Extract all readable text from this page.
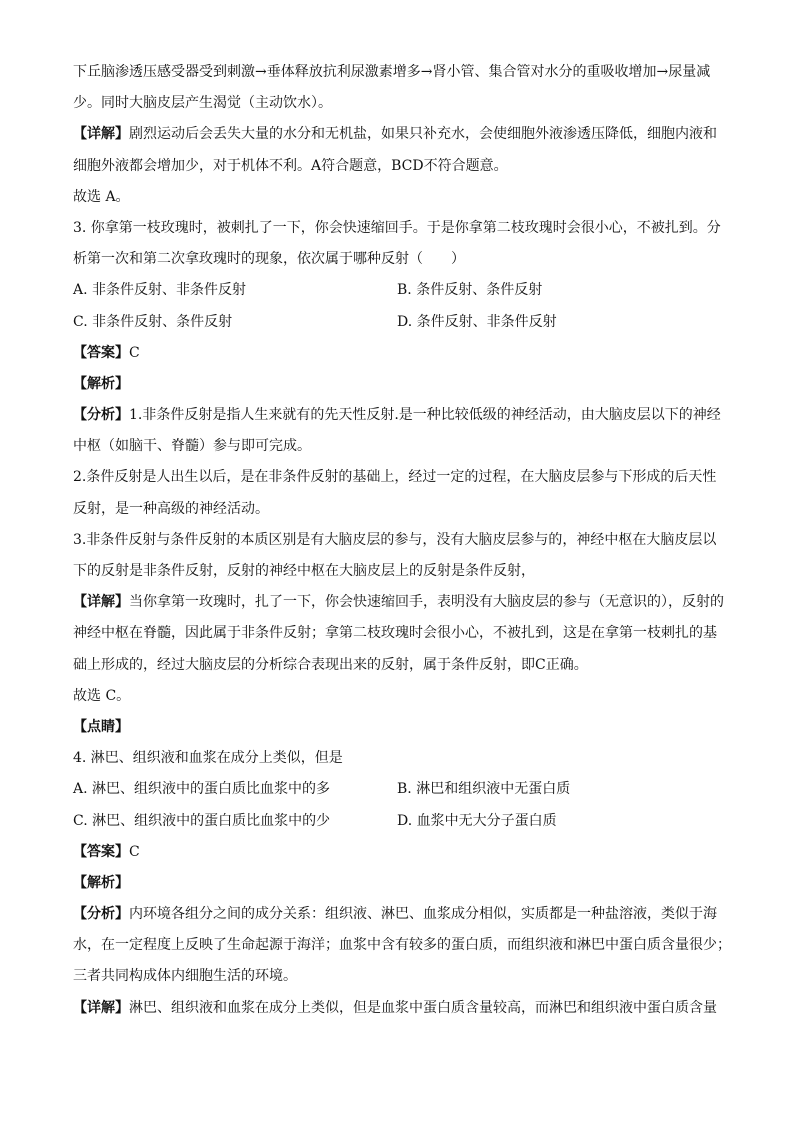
下丘脑渗透压感受器受到刺激→垂体释放抗利尿激素增多→肾小管、集合管对水分的重吸收增加→尿量减
少。同时大脑皮层产生渴觉（主动饮水）。
【详解】剧烈运动后会丢失大量的水分和无机盐，如果只补充水，会使细胞外液渗透压降低，细胞内液和
细胞外液都会增加少，对于机体不利。A符合题意，BCD不符合题意。
故选 A。
3. 你拿第一枝玫瑰时，被刺扎了一下，你会快速缩回手。于是你拿第二枝玫瑰时会很小心，不被扎到。分
析第一次和第二次拿玫瑰时的现象，依次属于哪种反射（　　）
A. 非条件反射、非条件反射	B. 条件反射、条件反射
C. 非条件反射、条件反射	D. 条件反射、非条件反射
【答案】C
【解析】
【分析】1.非条件反射是指人生来就有的先天性反射.是一种比较低级的神经活动，由大脑皮层以下的神经
中枢（如脑干、脊髓）参与即可完成。
2.条件反射是人出生以后，是在非条件反射的基础上，经过一定的过程，在大脑皮层参与下形成的后天性
反射，是一种高级的神经活动。
3.非条件反射与条件反射的本质区别是有大脑皮层的参与，没有大脑皮层参与的，神经中枢在大脑皮层以
下的反射是非条件反射，反射的神经中枢在大脑皮层上的反射是条件反射，
【详解】当你拿第一玫瑰时，扎了一下，你会快速缩回手，表明没有大脑皮层的参与（无意识的），反射的
神经中枢在脊髓，因此属于非条件反射；拿第二枝玫瑰时会很小心，不被扎到，这是在拿第一枝刺扎的基
础上形成的，经过大脑皮层的分析综合表现出来的反射，属于条件反射，即C正确。
故选 C。
【点睛】
4. 淋巴、组织液和血浆在成分上类似，但是
A. 淋巴、组织液中的蛋白质比血浆中的多	B. 淋巴和组织液中无蛋白质
C. 淋巴、组织液中的蛋白质比血浆中的少	D. 血浆中无大分子蛋白质
【答案】C
【解析】
【分析】内环境各组分之间的成分关系：组织液、淋巴、血浆成分相似，实质都是一种盐溶液，类似于海
水，在一定程度上反映了生命起源于海洋；血浆中含有较多的蛋白质，而组织液和淋巴中蛋白质含量很少；
三者共同构成体内细胞生活的环境。
【详解】淋巴、组织液和血浆在成分上类似，但是血浆中蛋白质含量较高，而淋巴和组织液中蛋白质含量
